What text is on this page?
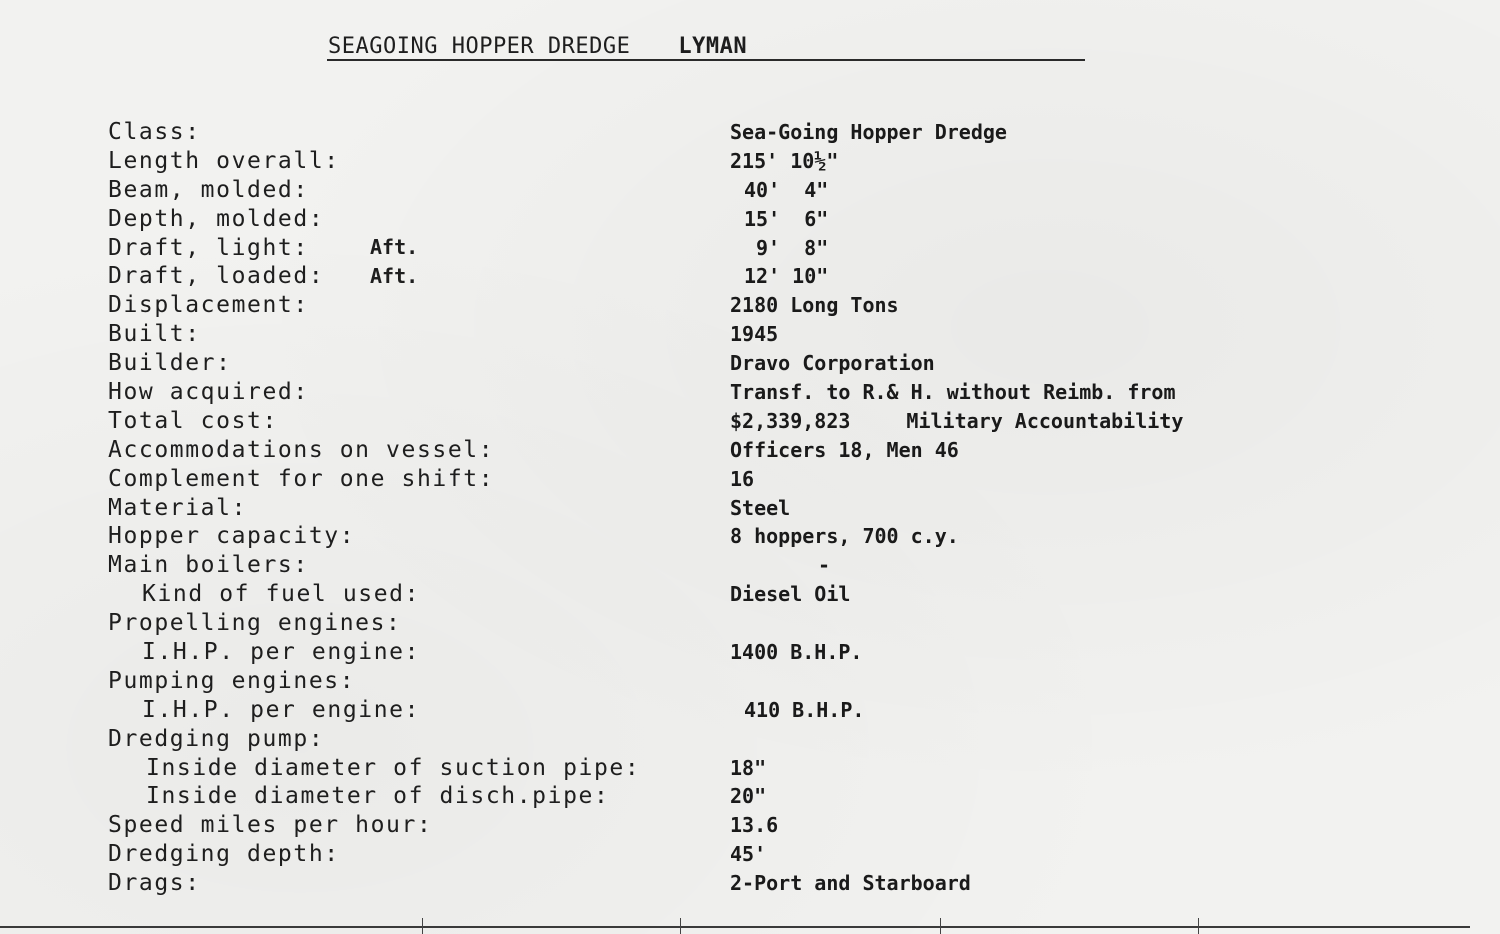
SEAGOING HOPPER DREDGE LYMAN
Aft.
Aft.
Class:
Length overall:
Beam, molded:
Depth, molded:
Draft, light:
Draft, loaded:
Displacement:
Built:
Builder:
How acquired:
Total cost:
Accommodations on vessel:
Complement for one shift:
Material:
Hopper capacity:
Main boilers:
Kind of fuel used:
Propelling engines:
I.H.P. per engine:
Pumping engines:
I.H.P. per engine:
Dredging pump:
Inside diameter of suction pipe:
Inside diameter of disch.pipe:
Speed miles per hour:
Dredging depth:
Drags:
Sea-Going Hopper Dredge
215' 10½"
40'  4"
15'  6"
9'  8"
12' 10"
2180 Long Tons
1945
Dravo Corporation
Transf. to R.& H. without Reimb. from
$2,339,823	Military Accountability
Officers 18, Men 46
16
Steel
8 hoppers, 700 c.y.
-
Diesel Oil
1400 B.H.P.
410 B.H.P.
18"
20"
13.6
45'
2-Port and Starboard
